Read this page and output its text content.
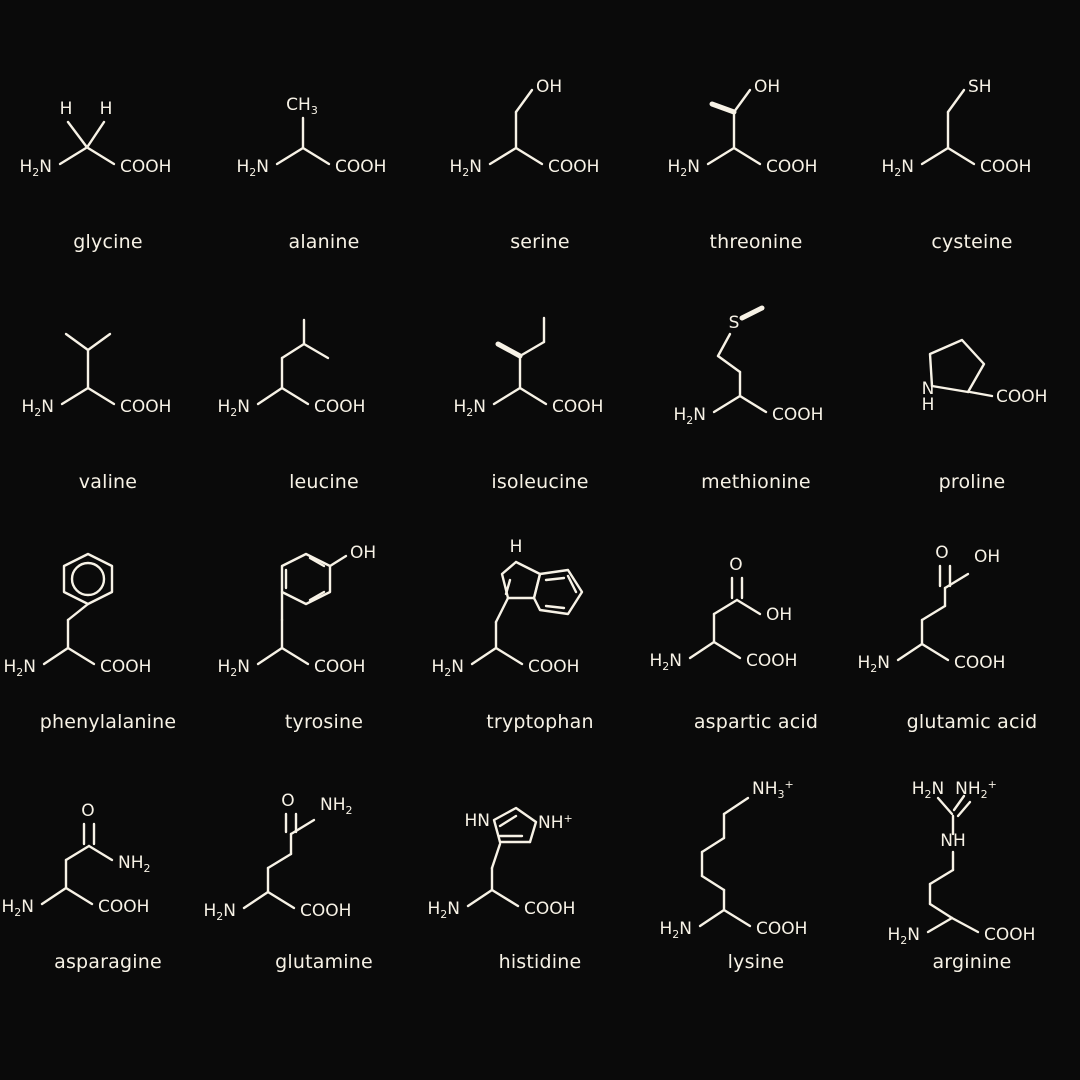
H H
$H_2N$	COOH
glycine
$CH_3$
$H_2N$	COOH
alanine
OH
$H_2N$	COOH
serine
OH
$H_2N$	COOH
threonine
SH
$H_2N$	COOH
cysteine
$H_2N$	COOH
valine
$H_2N$	COOH
leucine
$H_2N$	COOH
isoleucine
S
$H_2N$	COOH
methionine
N
H	COOH
proline
$H_2N$	COOH
phenylalanine
OH
$H_2N$	COOH
tyrosine
H
$H_2N$	COOH
tryptophan
O
OH
$H_2N$	COOH
aspartic acid
O OH
$H_2N$	COOH
glutamic acid
O
$NH_2$
$H_2N$	COOH
asparagine
O $NH_2$
$H_2N$	COOH
glutamine
HN	NH+
$H_2N$	COOH
histidine
$NH_3^+$
$H_2N$	COOH
lysine
$H_2N$ $NH_2^+$
NH
$H_2N$	COOH
arginine
